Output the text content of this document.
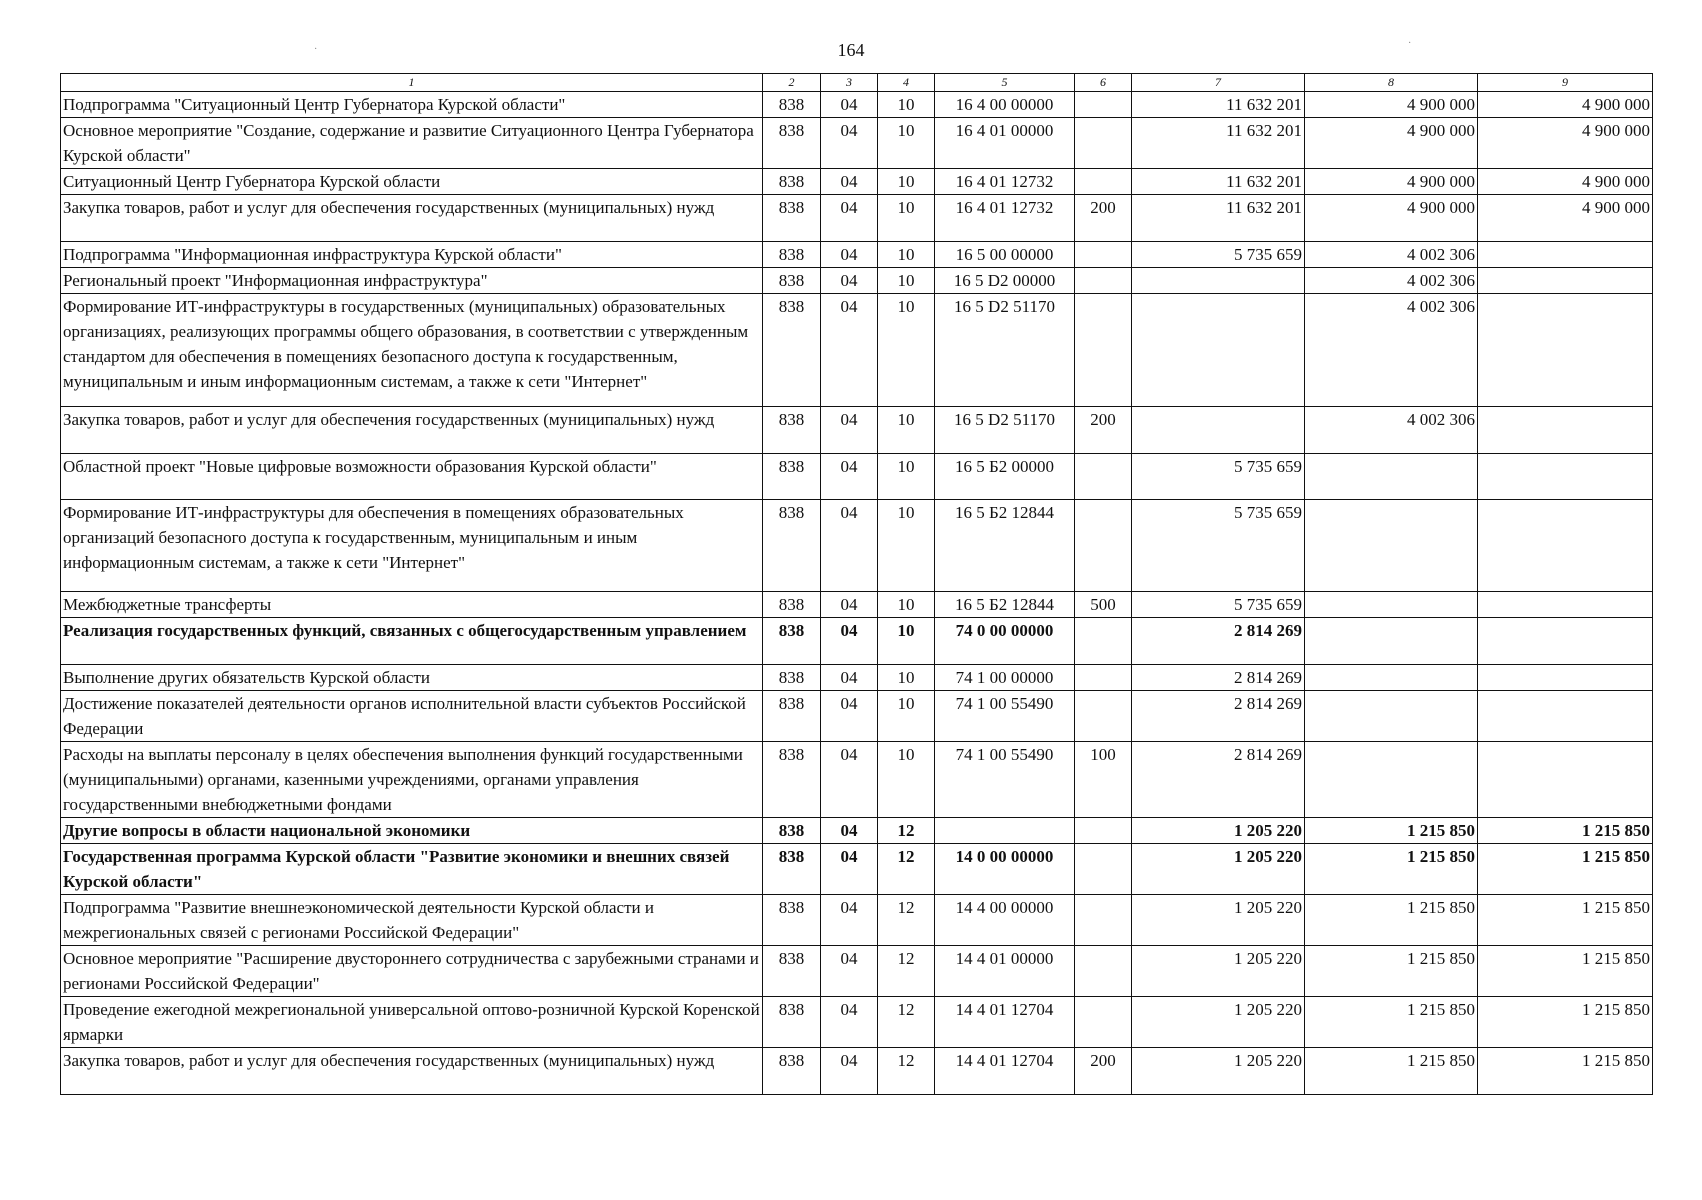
164
·
·
1	2	3	4	5	6	7	8	9
Подпрограмма "Ситуационный Центр Губернатора Курской области"	838	04	10	16 4 00 00000		11 632 201	4 900 000	4 900 000
Основное мероприятие "Создание, содержание и развитие Ситуационного Центра Губернатора Курской области"	838	04	10	16 4 01 00000		11 632 201	4 900 000	4 900 000
Ситуационный Центр Губернатора Курской области	838	04	10	16 4 01 12732		11 632 201	4 900 000	4 900 000
Закупка товаров, работ и услуг для обеспечения государственных (муниципальных) нужд	838	04	10	16 4 01 12732	200	11 632 201	4 900 000	4 900 000
Подпрограмма "Информационная инфраструктура Курской области"	838	04	10	16 5 00 00000		5 735 659	4 002 306	
Региональный проект "Информационная инфраструктура"	838	04	10	16 5 D2 00000			4 002 306	
Формирование ИТ-инфраструктуры в государственных (муниципальных) образовательных организациях, реализующих программы общего образования, в соответствии с утвержденным стандартом для обеспечения в помещениях безопасного доступа к государственным, муниципальным и иным информационным системам, а также к сети "Интернет"	838	04	10	16 5 D2 51170			4 002 306	
Закупка товаров, работ и услуг для обеспечения государственных (муниципальных) нужд	838	04	10	16 5 D2 51170	200		4 002 306	
Областной проект "Новые цифровые возможности образования Курской области"	838	04	10	16 5 Б2 00000		5 735 659		
Формирование ИТ-инфраструктуры для обеспечения в помещениях образовательных организаций безопасного доступа к государственным, муниципальным и иным информационным системам, а также к сети "Интернет"	838	04	10	16 5 Б2 12844		5 735 659		
Межбюджетные трансферты	838	04	10	16 5 Б2 12844	500	5 735 659		
Реализация государственных функций, связанных с общегосударственным управлением	838	04	10	74 0 00 00000		2 814 269		
Выполнение других обязательств Курской области	838	04	10	74 1 00 00000		2 814 269		
Достижение показателей деятельности органов исполнительной власти субъектов Российской Федерации	838	04	10	74 1 00 55490		2 814 269		
Расходы на выплаты персоналу в целях обеспечения выполнения функций государственными (муниципальными) органами, казенными учреждениями, органами управления государственными внебюджетными фондами	838	04	10	74 1 00 55490	100	2 814 269		
Другие вопросы в области национальной экономики	838	04	12			1 205 220	1 215 850	1 215 850
Государственная программа Курской области "Развитие экономики и внешних связей Курской области"	838	04	12	14 0 00 00000		1 205 220	1 215 850	1 215 850
Подпрограмма "Развитие внешнеэкономической деятельности Курской области и межрегиональных связей с регионами Российской Федерации"	838	04	12	14 4 00 00000		1 205 220	1 215 850	1 215 850
Основное мероприятие "Расширение двустороннего сотрудничества с зарубежными странами и регионами Российской Федерации"	838	04	12	14 4 01 00000		1 205 220	1 215 850	1 215 850
Проведение ежегодной межрегиональной универсальной оптово-розничной Курской Коренской ярмарки	838	04	12	14 4 01 12704		1 205 220	1 215 850	1 215 850
Закупка товаров, работ и услуг для обеспечения государственных (муниципальных) нужд	838	04	12	14 4 01 12704	200	1 205 220	1 215 850	1 215 850
